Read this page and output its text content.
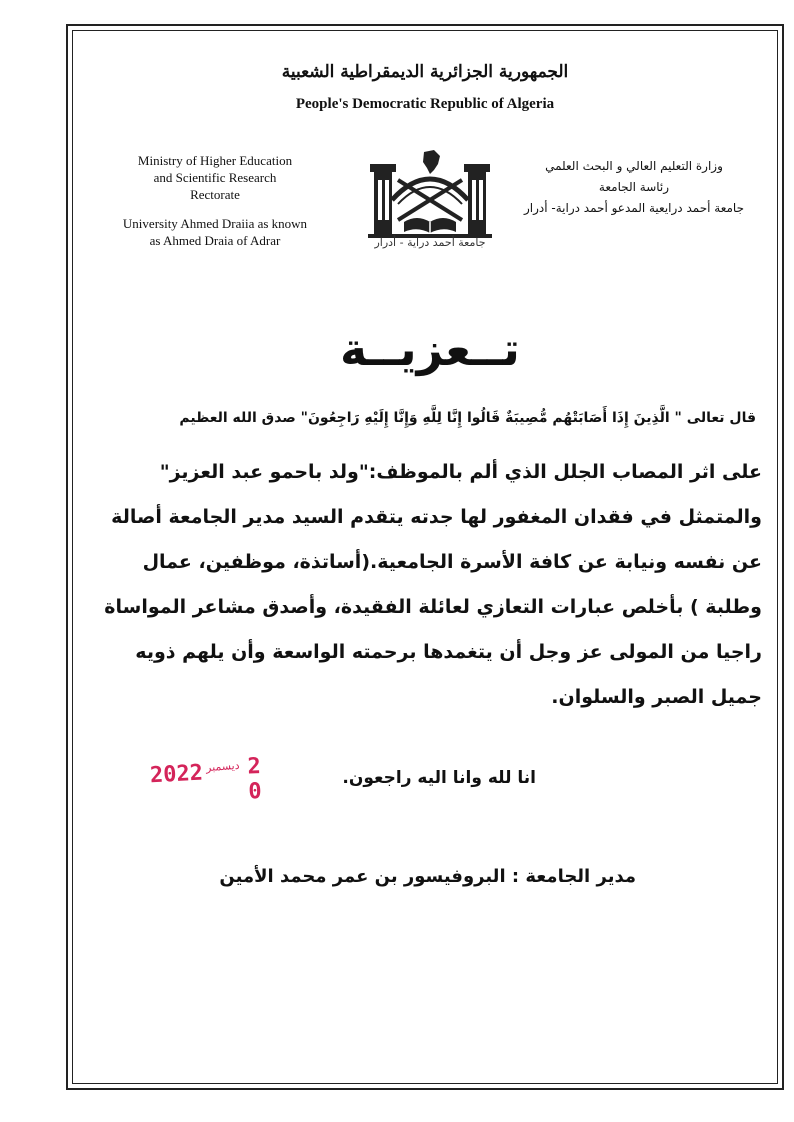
الجمهورية الجزائرية الديمقراطية الشعبية
People's Democratic Republic of Algeria
Ministry of Higher Education
and Scientific Research
Rectorate
University Ahmed Draiia as known
as Ahmed Draia of Adrar
وزارة التعليم العالي و البحث العلمي
رئاسة الجامعة
جامعة أحمد درايعية المدعو أحمد دراية- أدرار
جامعة أحمد دراية - أدرار
تــعزيــة
قال تعالى " الَّذِينَ إِذَا أَصَابَتْهُم مُّصِيبَةٌ قَالُوا إِنَّا لِلَّهِ وَإِنَّا إِلَيْهِ رَاجِعُونَ" صدق الله العظيم
على اثر المصاب الجلل الذي ألم بالموظف:"ولد باحمو عبد العزيز"
والمتمثل في فقدان المغفور لها جدته يتقدم السيد مدير الجامعة أصالة
عن نفسه ونيابة عن كافة الأسرة الجامعية.(أساتذة، موظفين، عمال
وطلبة ) بأخلص عبارات التعازي لعائلة الفقيدة، وأصدق مشاعر المواساة
راجيا من المولى عز وجل أن يتغمدها برحمته الواسعة وأن يلهم ذويه
جميل الصبر والسلوان.
2022 ديسمبر 2 0
انا لله وانا اليه راجعون.
مدير الجامعة : البروفيسور بن عمر محمد الأمين
